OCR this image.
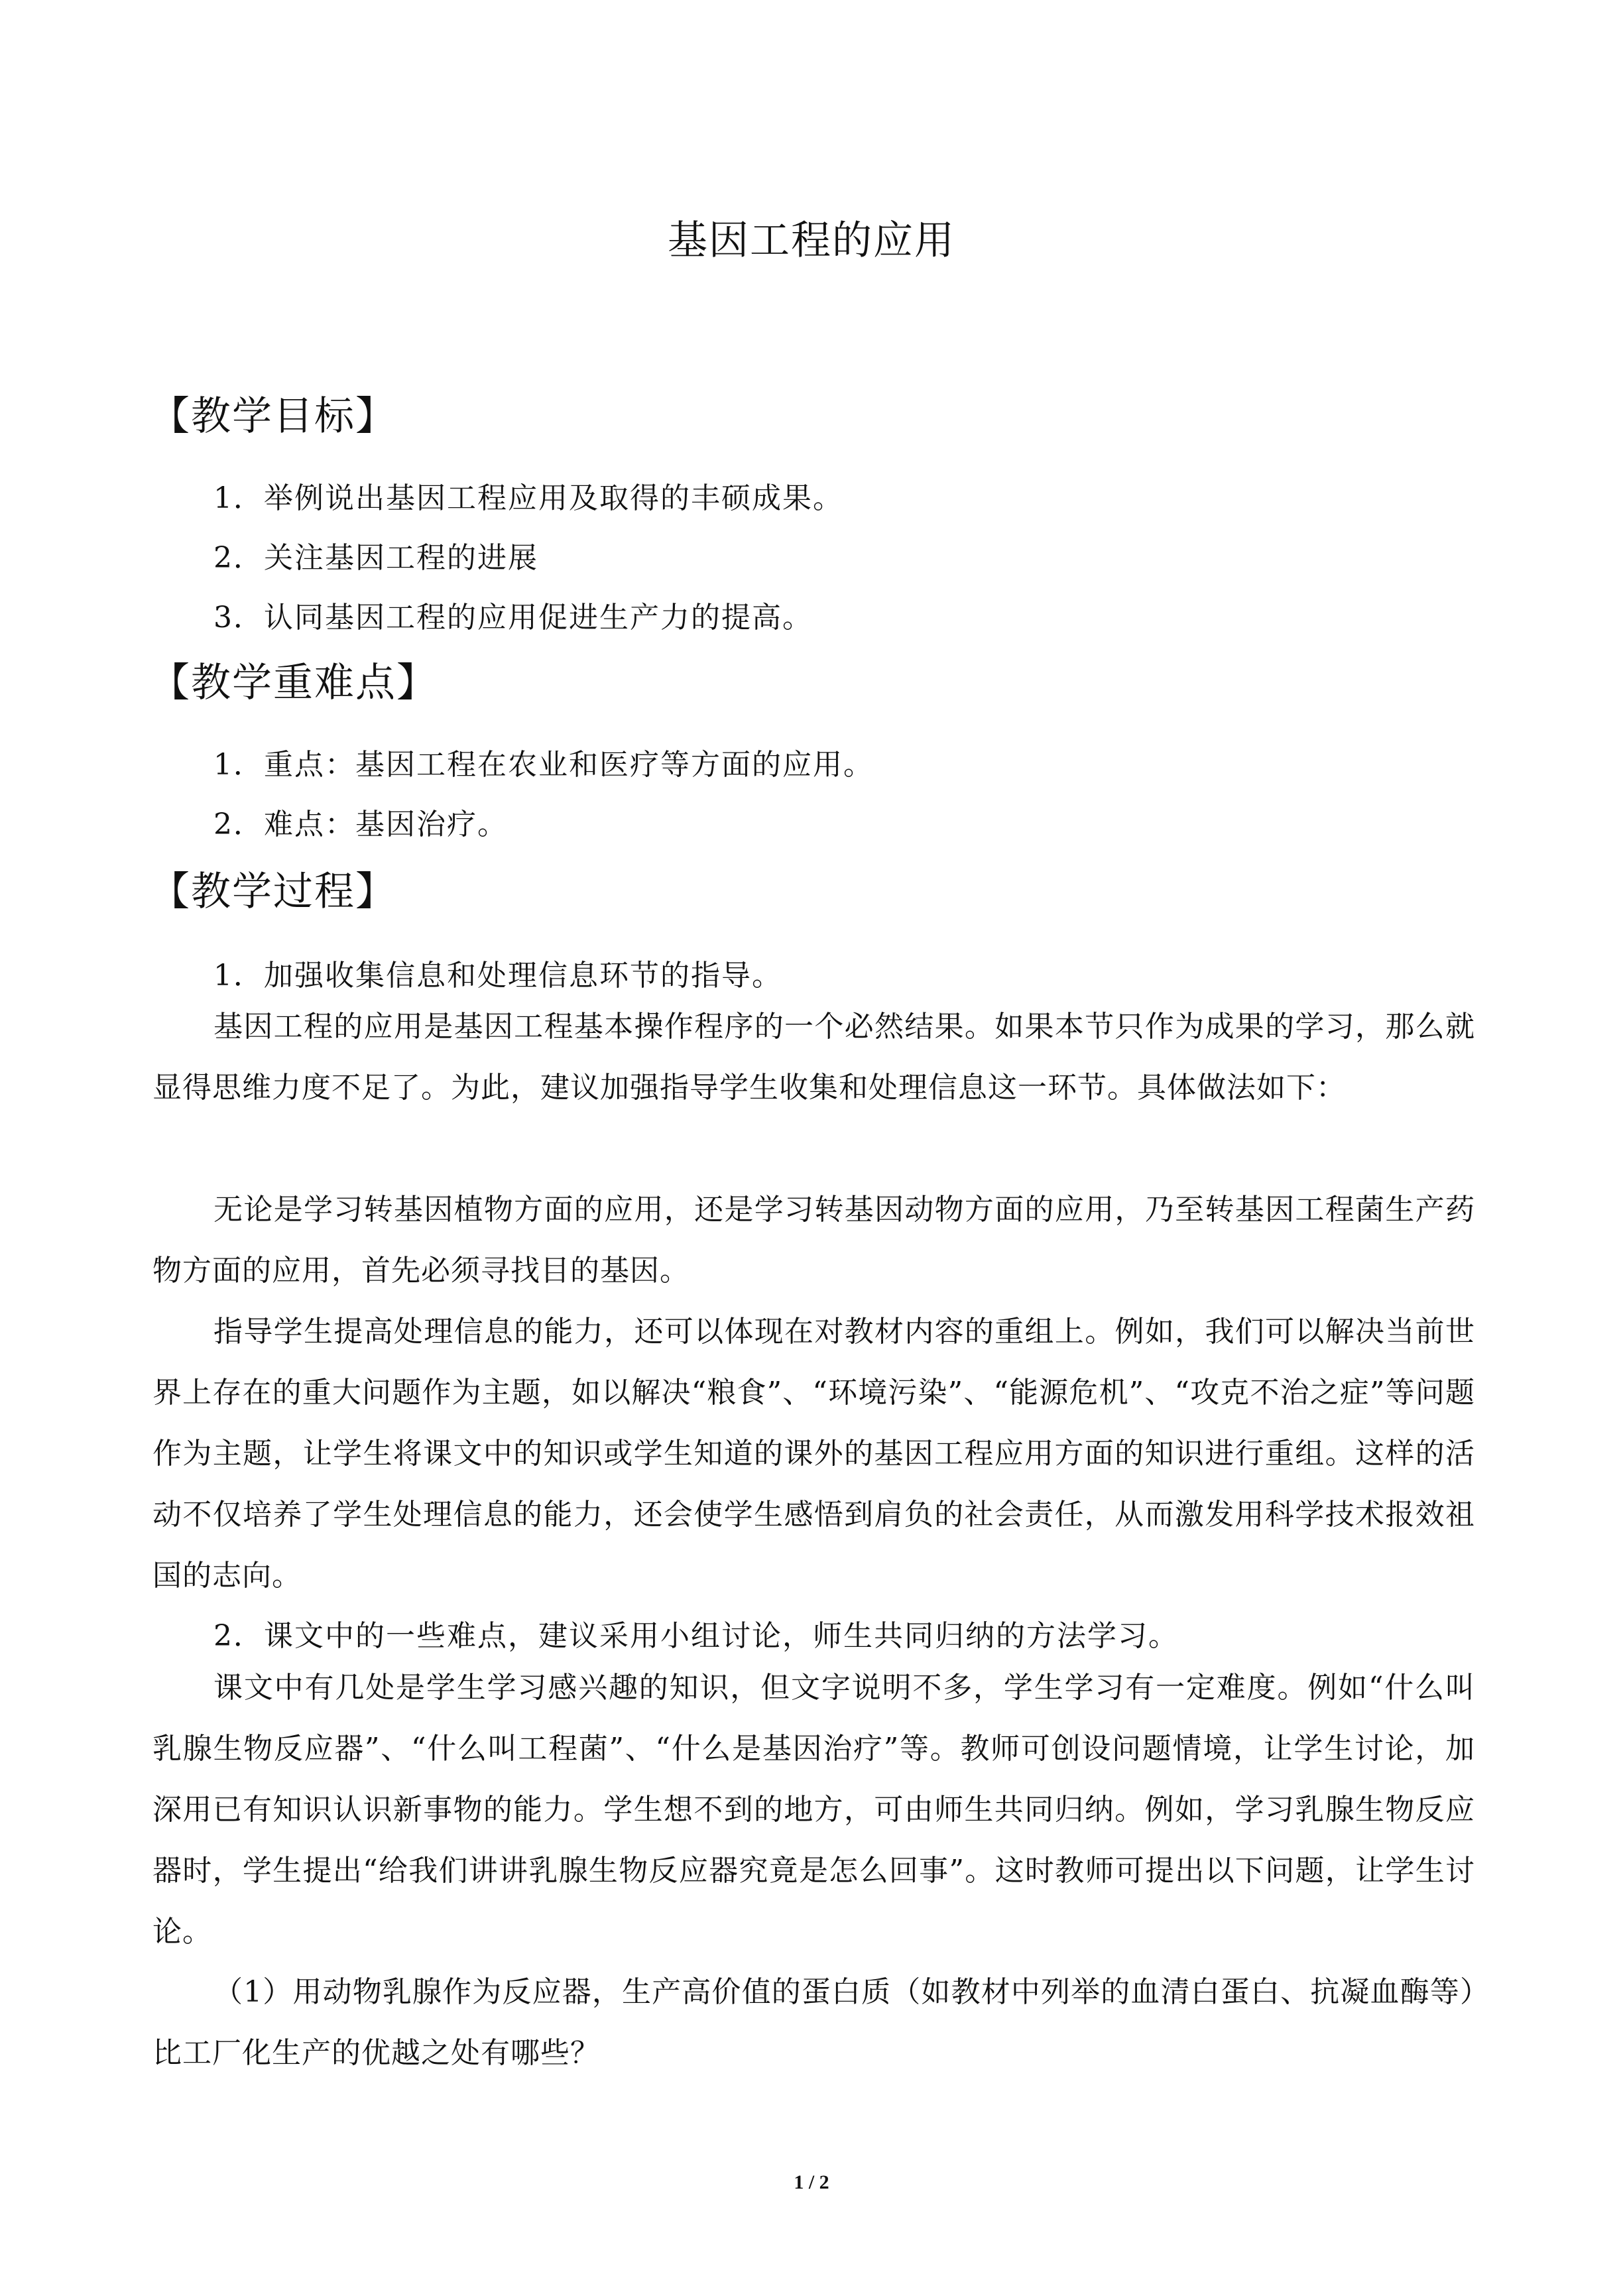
基因工程的应用
【教学目标】
1．举例说出基因工程应用及取得的丰硕成果。
2．关注基因工程的进展
3．认同基因工程的应用促进生产力的提高。
【教学重难点】
1．重点：基因工程在农业和医疗等方面的应用。
2．难点：基因治疗。
【教学过程】
1．加强收集信息和处理信息环节的指导。
基因工程的应用是基因工程基本操作程序的一个必然结果。如果本节只作为成果的学习，那么就显得思维力度不足了。为此，建议加强指导学生收集和处理信息这一环节。具体做法如下：
无论是学习转基因植物方面的应用，还是学习转基因动物方面的应用，乃至转基因工程菌生产药物方面的应用，首先必须寻找目的基因。
指导学生提高处理信息的能力，还可以体现在对教材内容的重组上。例如，我们可以解决当前世界上存在的重大问题作为主题，如以解决“粮食”、“环境污染”、“能源危机”、“攻克不治之症”等问题作为主题，让学生将课文中的知识或学生知道的课外的基因工程应用方面的知识进行重组。这样的活动不仅培养了学生处理信息的能力，还会使学生感悟到肩负的社会责任，从而激发用科学技术报效祖国的志向。
2．课文中的一些难点，建议采用小组讨论，师生共同归纳的方法学习。
课文中有几处是学生学习感兴趣的知识，但文字说明不多，学生学习有一定难度。例如“什么叫乳腺生物反应器”、“什么叫工程菌”、“什么是基因治疗”等。教师可创设问题情境，让学生讨论，加深用已有知识认识新事物的能力。学生想不到的地方，可由师生共同归纳。例如，学习乳腺生物反应器时，学生提出“给我们讲讲乳腺生物反应器究竟是怎么回事”。这时教师可提出以下问题，让学生讨论。
（1）用动物乳腺作为反应器，生产高价值的蛋白质（如教材中列举的血清白蛋白、抗凝血酶等）比工厂化生产的优越之处有哪些？
1 / 2
